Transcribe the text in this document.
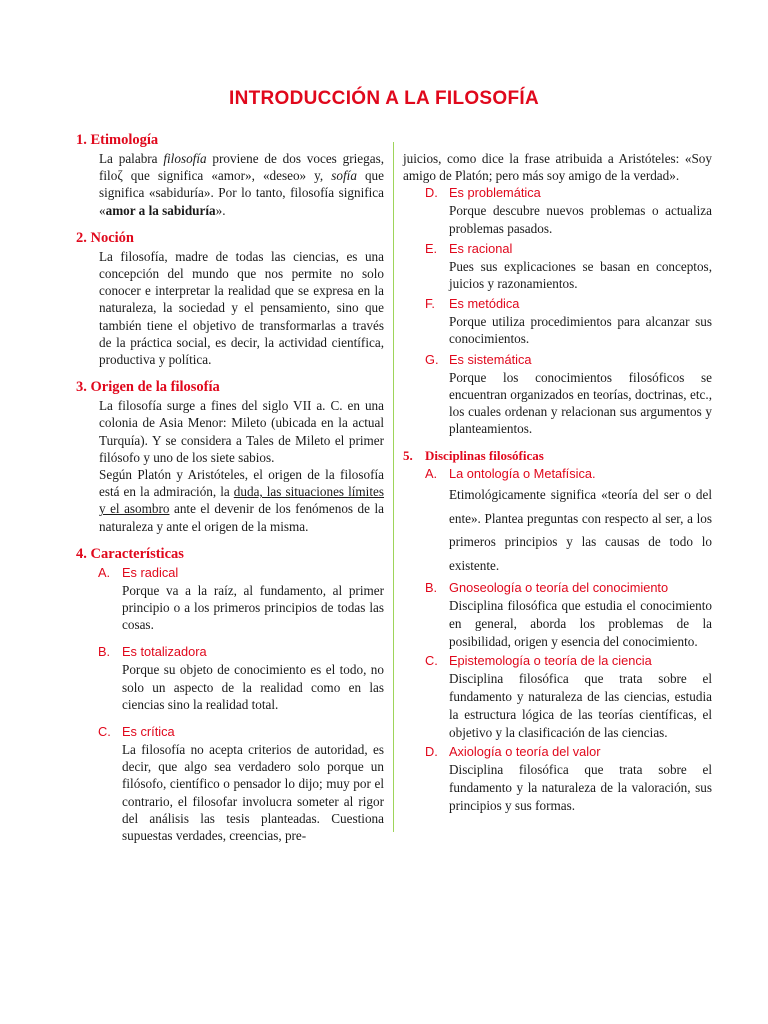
INTRODUCCIÓN A LA FILOSOFÍA
1. Etimología

La palabra filosofía proviene de dos voces griegas, filoζ que significa «amor», «deseo» y, sofía que significa «sabiduría». Por lo tanto, filosofía significa «amor a la sabiduría».

2. Noción

La filosofía, madre de todas las ciencias, es una concepción del mundo que nos permite no solo conocer e interpretar la realidad que se expresa en la naturaleza, la sociedad y el pensamiento, sino que también tiene el objetivo de transformarlas a través de la práctica social, es decir, la actividad científica, productiva y política.

3. Origen de la filosofía

La filosofía surge a fines del siglo VII a. C. en una colonia de Asia Menor: Mileto (ubicada en la actual Turquía). Y se considera a Tales de Mileto el primer filósofo y uno de los siete sabios.

Según Platón y Aristóteles, el origen de la filosofía está en la admiración, la duda, las situaciones límites y el asombro ante el devenir de los fenómenos de la naturaleza y ante el origen de la misma.

4. Características
A. Es radical

Porque va a la raíz, al fundamento, al primer principio o a los primeros principios de todas las cosas.

B. Es totalizadora

Porque su objeto de conocimiento es el todo, no solo un aspecto de la realidad como en las ciencias sino la realidad total.

C. Es crítica

La filosofía no acepta criterios de autoridad, es decir, que algo sea verdadero solo porque un filósofo, científico o pensador lo dijo; muy por el contrario, el filosofar involucra someter al rigor del análisis las tesis planteadas. Cuestiona supuestas verdades, creencias, pre-

juicios, como dice la frase atribuida a Aristóteles: «Soy amigo de Platón; pero más soy amigo de la verdad».

D. Es problemática

Porque descubre nuevos problemas o actualiza problemas pasados.

E. Es racional

Pues sus explicaciones se basan en conceptos, juicios y razonamientos.

F. Es metódica

Porque utiliza procedimientos para alcanzar sus conocimientos.

G. Es sistemática

Porque los conocimientos filosóficos se encuentran organizados en teorías, doctrinas, etc., los cuales ordenan y relacionan sus argumentos y planteamientos.

5. Disciplinas filosóficas
A. La ontología o Metafísica.

Etimológicamente significa «teoría del ser o del ente». Plantea preguntas con respecto al ser, a los primeros principios y las causas de todo lo existente.

B. Gnoseología o teoría del conocimiento

Disciplina filosófica que estudia el conocimiento en general, aborda los problemas de la posibilidad, origen y esencia del conocimiento.

C. Epistemología o teoría de la ciencia

Disciplina filosófica que trata sobre el fundamento y naturaleza de las ciencias, estudia la estructura lógica de las teorías científicas, el objetivo y la clasificación de las ciencias.

D. Axiología o teoría del valor

Disciplina filosófica que trata sobre el fundamento y la naturaleza de la valoración, sus principios y sus formas.
